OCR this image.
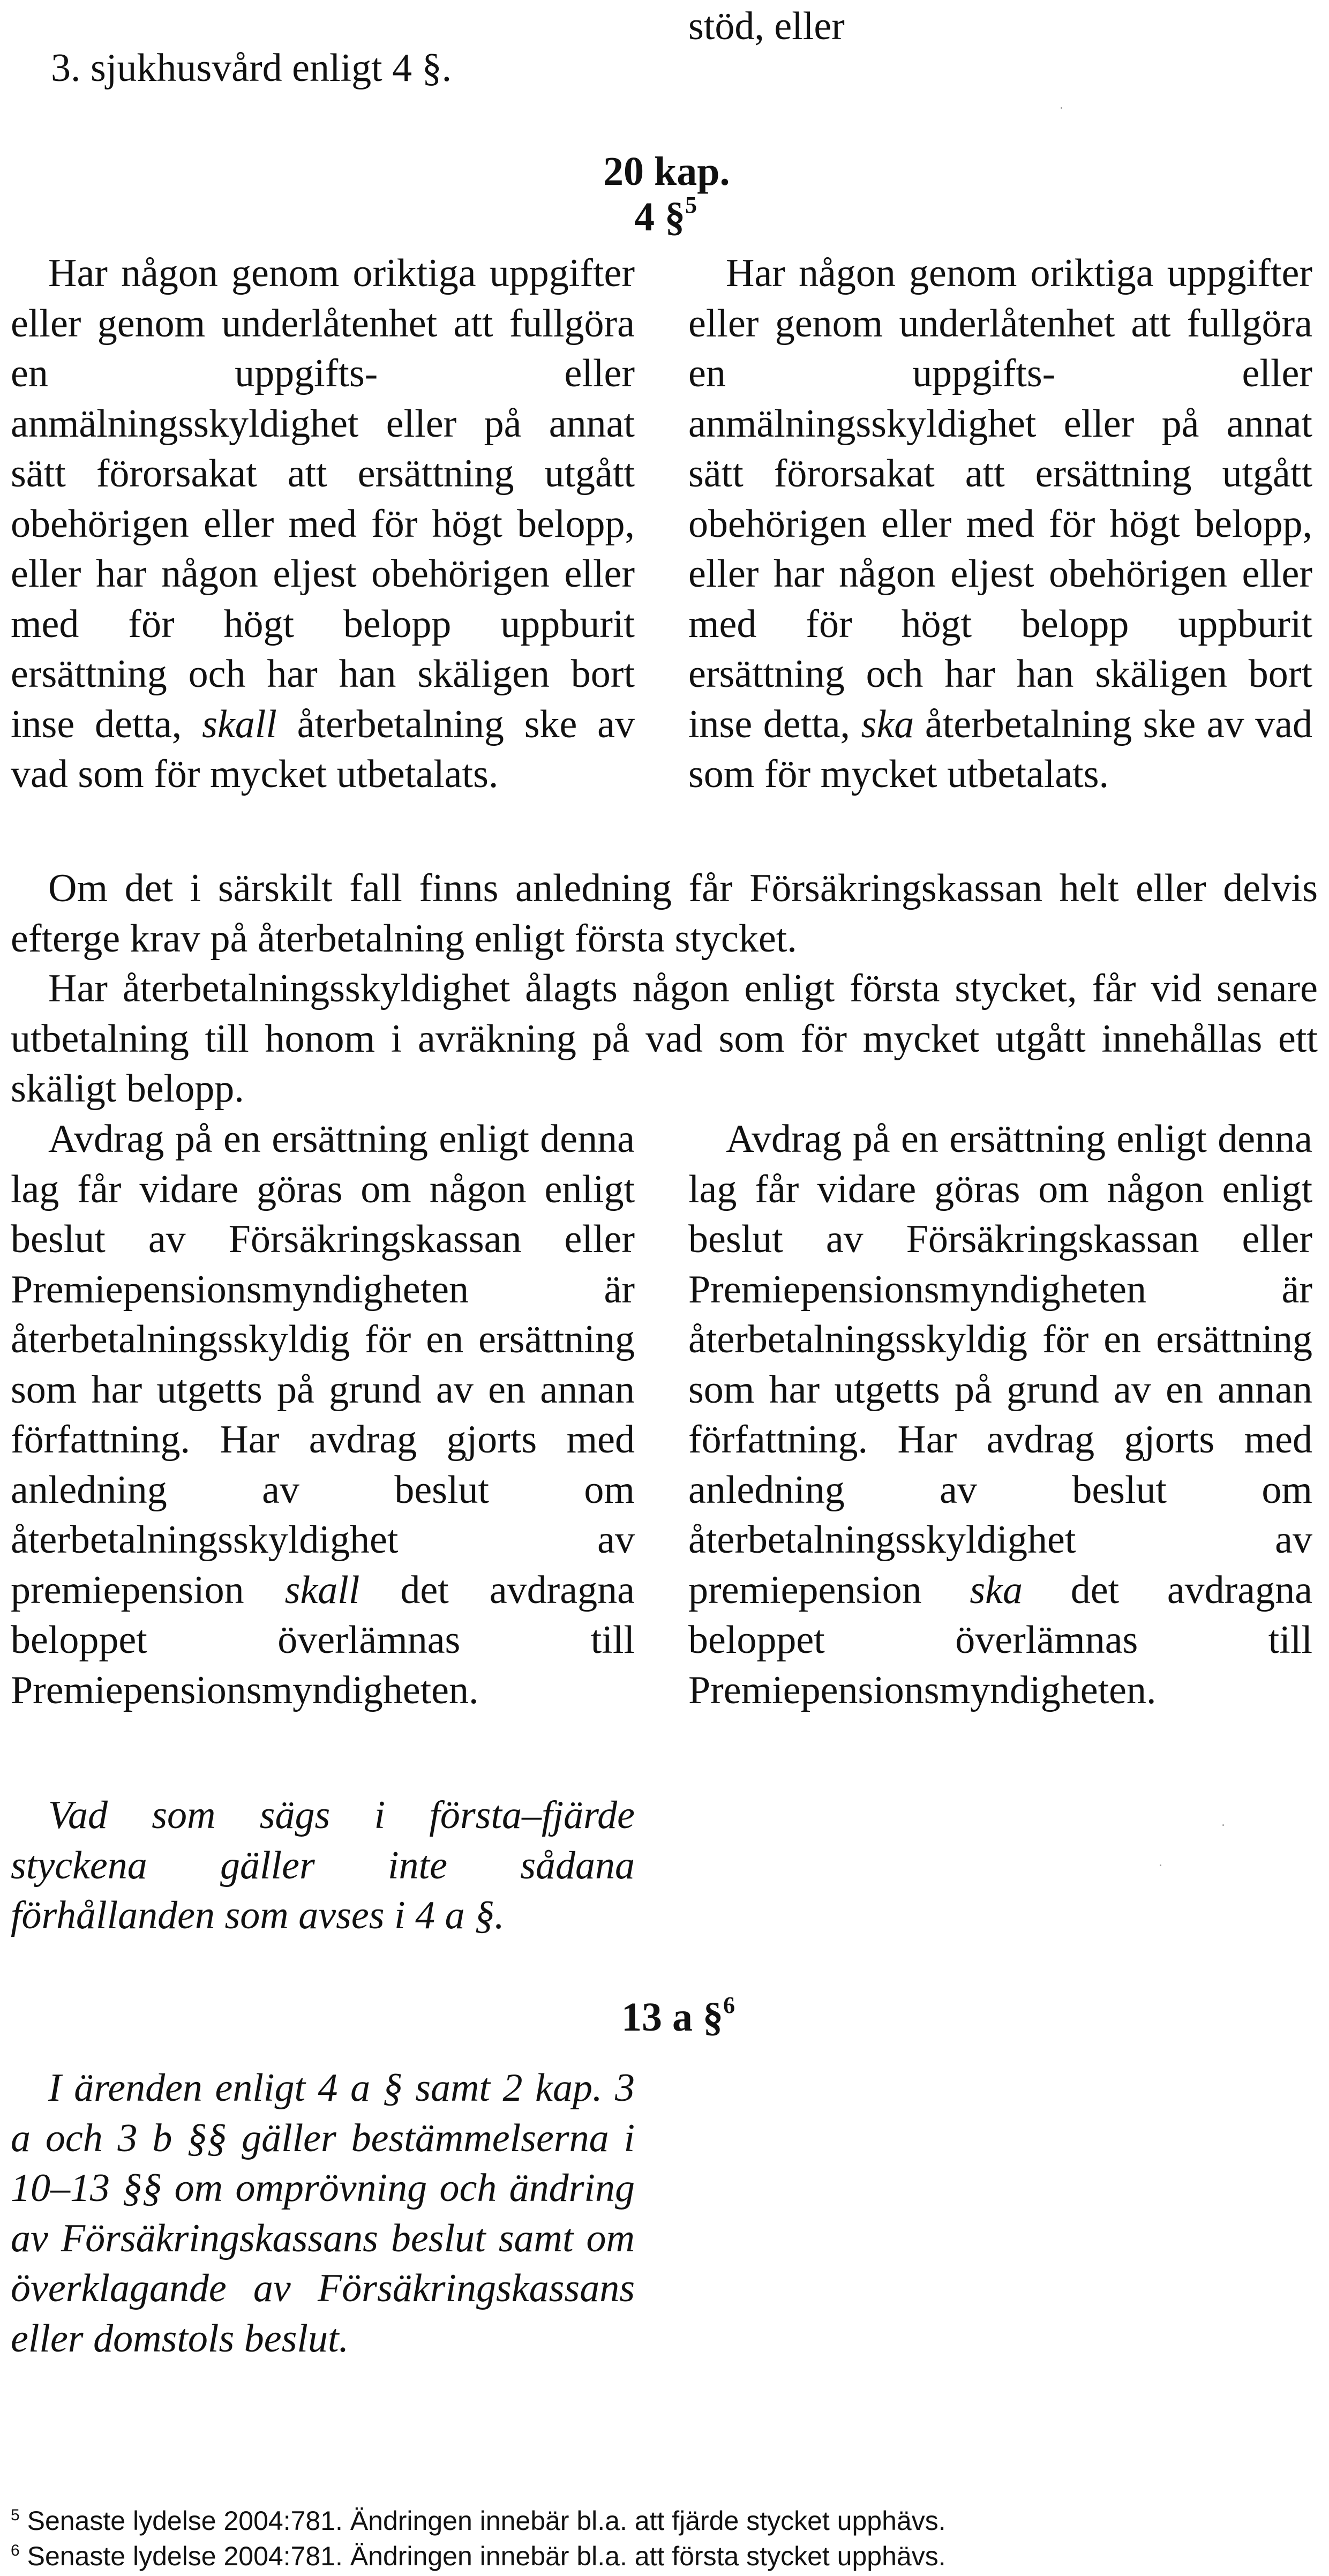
3. sjukhusvård enligt 4 §.
stöd, eller
20 kap.
4 §$^5$

Har någon genom oriktiga uppgifter eller genom underlåtenhet att fullgöra en uppgifts- eller anmälningsskyldighet eller på annat sätt förorsakat att ersättning utgått obehörigen eller med för högt belopp, eller har någon eljest obehörigen eller med för högt belopp uppburit ersättning och har han skäligen bort inse detta, skall återbetalning ske av vad som för mycket utbetalats.

Har någon genom oriktiga uppgifter eller genom underlåtenhet att fullgöra en uppgifts- eller anmälningsskyldighet eller på annat sätt förorsakat att ersättning utgått obehörigen eller med för högt belopp, eller har någon eljest obehörigen eller med för högt belopp uppburit ersättning och har han skäligen bort inse detta, ska återbetalning ske av vad som för mycket utbetalats.

Om det i särskilt fall finns anledning får Försäkringskassan helt eller delvis efterge krav på återbetalning enligt första stycket.

Har återbetalningsskyldighet ålagts någon enligt första stycket, får vid senare utbetalning till honom i avräkning på vad som för mycket utgått innehållas ett skäligt belopp.

Avdrag på en ersättning enligt denna lag får vidare göras om någon enligt beslut av Försäkringskassan eller Premiepensionsmyndigheten är återbetalningsskyldig för en ersättning som har utgetts på grund av en annan författning. Har avdrag gjorts med anledning av beslut om återbetalningsskyldighet av premiepension skall det avdragna beloppet överlämnas till Premiepensionsmyndigheten.

Avdrag på en ersättning enligt denna lag får vidare göras om någon enligt beslut av Försäkringskassan eller Premiepensionsmyndigheten är återbetalningsskyldig för en ersättning som har utgetts på grund av en annan författning. Har avdrag gjorts med anledning av beslut om återbetalningsskyldighet av premiepension ska det avdragna beloppet överlämnas till Premiepensionsmyndigheten.

Vad som sägs i första–fjärde styckena gäller inte sådana förhållanden som avses i 4 a §.

13 a §$^6$

I ärenden enligt 4 a § samt 2 kap. 3 a och 3 b §§ gäller bestämmelserna i 10–13 §§ om omprövning och ändring av Försäkringskassans beslut samt om överklagande av Försäkringskassans eller domstols beslut.

$^5$ Senaste lydelse 2004:781. Ändringen innebär bl.a. att fjärde stycket upphävs.
$^6$ Senaste lydelse 2004:781. Ändringen innebär bl.a. att första stycket upphävs.
